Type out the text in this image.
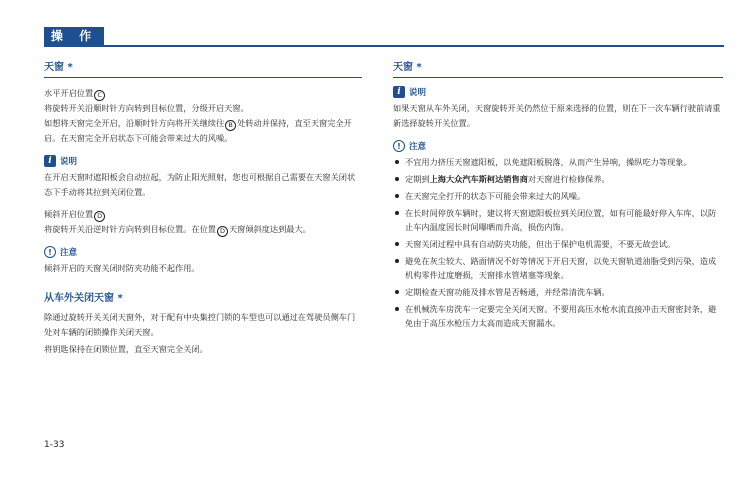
操 作
天窗 *

水平开启位置 C

将旋转开关沿顺时针方向转到目标位置，分级开启天窗。

如想将天窗完全开启，沿顺时针方向将开关继续往 B 处转动并保持，直至天窗完全开启。在天窗完全开启状态下可能会带来过大的风噪。

i 说明

在开启天窗时遮阳板会自动拉起，为防止阳光照射，您也可根据自己需要在天窗关闭状态下手动将其拉到关闭位置。

倾斜开启位置 D

将旋转开关沿逆时针方向转到目标位置。在位置 D 天窗倾斜度达到最大。

! 注意

倾斜开启的天窗关闭时防夹功能不起作用。

从车外关闭天窗 *

除通过旋转开关关闭天窗外，对于配有中央集控门锁的车型也可以通过在驾驶员侧车门处对车辆的闭锁操作关闭天窗。

将钥匙保持在闭锁位置，直至天窗完全关闭。

天窗 *
i 说明

如果天窗从车外关闭，天窗旋转开关仍然位于原来选择的位置，则在下一次车辆行驶前请重新选择旋转开关位置。

! 注意
不宜用力挤压天窗遮阳板，以免遮阳板脱落，从而产生异响，操纵吃力等现象。
定期到上海大众汽车斯柯达销售商对天窗进行检修保养。
在天窗完全打开的状态下可能会带来过大的风噪。
在长时间停放车辆时，建议将天窗遮阳板拉到关闭位置，如有可能最好停入车库，以防止车内温度因长时间曝晒而升高，损伤内饰。
天窗关闭过程中具有自动防夹功能，但出于保护电机需要，不要无故尝试。
避免在灰尘较大、路面情况不好等情况下开启天窗，以免天窗轨道油脂受到污染，造成机构零件过度磨损，天窗排水管堵塞等现象。
定期检查天窗功能及排水管是否畅通，并经常清洗车辆。
在机械洗车房洗车一定要完全关闭天窗。不要用高压水枪水流直接冲击天窗密封条，避免由于高压水枪压力太高而造成天窗漏水。
1-33
